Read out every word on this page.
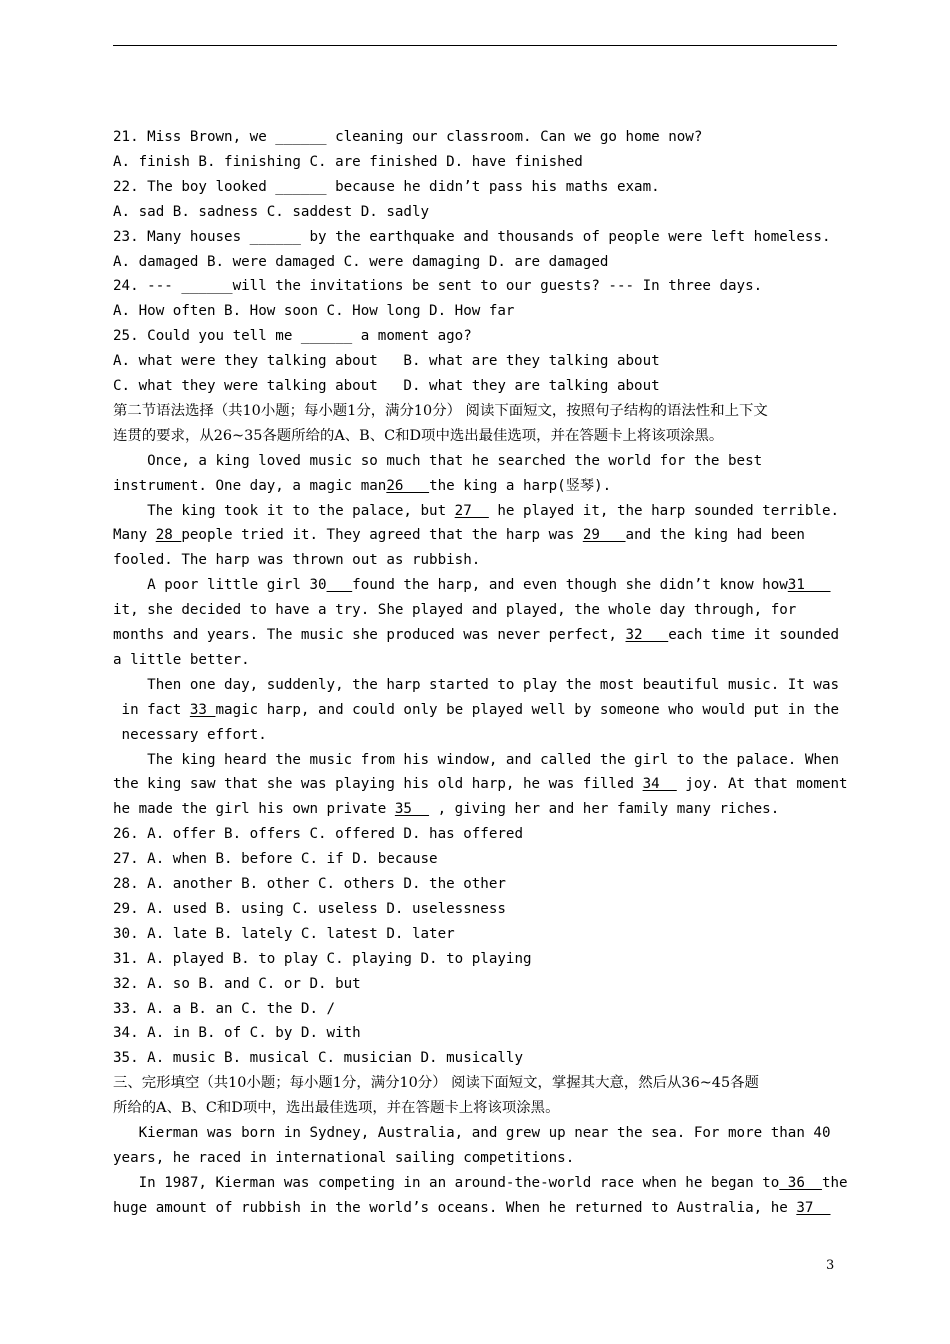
21. Miss Brown, we ______ cleaning our classroom. Can we go home now?
A. finish B. finishing C. are finished D. have finished
22. The boy looked ______ because he didn’t pass his maths exam.
A. sad B. sadness C. saddest D. sadly
23. Many houses ______ by the earthquake and thousands of people were left homeless.
A. damaged B. were damaged C. were damaging D. are damaged
24. --- ______will the invitations be sent to our guests? --- In three days.
A. How often B. How soon C. How long D. How far
25. Could you tell me ______ a moment ago?
A. what were they talking about   B. what are they talking about
C. what they were talking about   D. what they are talking about
第二节语法选择（共10小题；每小题1分，满分10分） 阅读下面短文，按照句子结构的语法性和上下文
连贯的要求，从26~35各题所给的A、B、C和D项中选出最佳选项，并在答题卡上将该项涂黑。
Once, a king loved music so much that he searched the world for the best
instrument. One day, a magic man26   the king a harp(竖琴).
The king took it to the palace, but 27   he played it, the harp sounded terrible.
Many 28 people tried it. They agreed that the harp was 29   and the king had been
fooled. The harp was thrown out as rubbish.
A poor little girl 30 found the harp, and even though she didn’t know how31
it, she decided to have a try. She played and played, the whole day through, for
months and years. The music she produced was never perfect, 32   each time it sounded
a little better.
Then one day, suddenly, the harp started to play the most beautiful music. It was
in fact 33 magic harp, and could only be played well by someone who would put in the
necessary effort.
The king heard the music from his window, and called the girl to the palace. When
the king saw that she was playing his old harp, he was filled 34   joy. At that moment
he made the girl his own private 35   , giving her and her family many riches.
26. A. offer B. offers C. offered D. has offered
27. A. when B. before C. if D. because
28. A. another B. other C. others D. the other
29. A. used B. using C. useless D. uselessness
30. A. late B. lately C. latest D. later
31. A. played B. to play C. playing D. to playing
32. A. so B. and C. or D. but
33. A. a B. an C. the D. /
34. A. in B. of C. by D. with
35. A. music B. musical C. musician D. musically
三、完形填空（共10小题；每小题1分，满分10分） 阅读下面短文，掌握其大意，然后从36~45各题
所给的A、B、C和D项中，选出最佳选项，并在答题卡上将该项涂黑。
Kierman was born in Sydney, Australia, and grew up near the sea. For more than 40
years, he raced in international sailing competitions.
In 1987, Kierman was competing in an around-the-world race when he began to 36  the
huge amount of rubbish in the world’s oceans. When he returned to Australia, he 37
3
